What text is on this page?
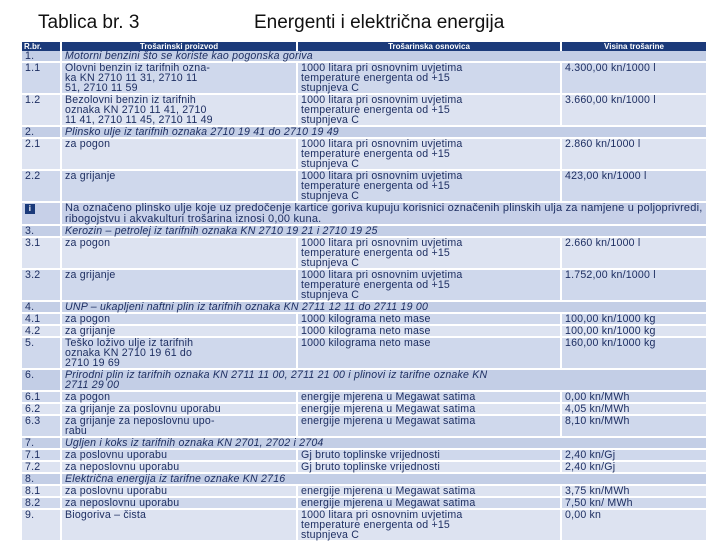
Tablica br. 3	Energenti i električna energija
R.br.	Trošarinski proizvod	Trošarinska osnovica	Visina trošarine
1.	Motorni benzini što se koriste kao pogonska goriva		
1.1	Olovni benzin iz tarifnih ozna-
ka KN 2710 11 31, 2710 11
51, 2710 11 59	1000 litara pri osnovnim uvjetima
temperature energenta od +15
stupnjeva C	4.300,00 kn/1000 l
1.2	Bezolovni benzin iz tarifnih
oznaka KN 2710 11 41, 2710
11 41, 2710 11 45, 2710 11 49	1000 litara pri osnovnim uvjetima
temperature energenta od +15
stupnjeva C	3.660,00 kn/1000 l
2.	Plinsko ulje iz tarifnih oznaka 2710 19 41 do 2710 19 49		
2.1	za pogon	1000 litara pri osnovnim uvjetima
temperature energenta od +15
stupnjeva C	2.860 kn/1000 l
2.2	za grijanje	1000 litara pri osnovnim uvjetima
temperature energenta od +15
stupnjeva C	423,00 kn/1000 l
i	Na označeno plinsko ulje koje uz predočenje kartice goriva kupuju korisnici označenih plinskih ulja za namjene u poljoprivredi, ribogojstvu i akvakulturi trošarina iznosi 0,00 kuna.		
3.	Kerozin – petrolej iz tarifnih oznaka KN 2710 19 21 i 2710 19 25		
3.1	za pogon	1000 litara pri osnovnim uvjetima
temperature energenta od +15
stupnjeva C	2.660 kn/1000 l
3.2	za grijanje	1000 litara pri osnovnim uvjetima
temperature energenta od +15
stupnjeva C	1.752,00 kn/1000 l
4.	UNP – ukapljeni naftni plin iz tarifnih oznaka KN 2711 12 11 do 2711 19 00		
4.1	za pogon	1000 kilograma neto mase	100,00 kn/1000 kg
4.2	za grijanje	1000 kilograma neto mase	100,00 kn/1000 kg
5.	Teško loživo ulje iz tarifnih
oznaka KN 2710 19 61 do
2710 19 69	1000 kilograma neto mase	160,00 kn/1000 kg
6.	Prirodni plin iz tarifnih oznaka KN 2711 11 00, 2711 21 00 i plinovi iz tarifne oznake KN
2711 29 00		
6.1	za pogon	energije mjerena u Megawat satima	0,00 kn/MWh
6.2	za grijanje za poslovnu uporabu	energije mjerena u Megawat satima	4,05 kn/MWh
6.3	za grijanje za neposlovnu upo-
rabu	energije mjerena u Megawat satima	8,10 kn/MWh
7.	Ugljen i koks iz tarifnih oznaka KN 2701, 2702 i 2704		
7.1	za poslovnu uporabu	Gj bruto toplinske vrijednosti	2,40 kn/Gj
7.2	za neposlovnu uporabu	Gj bruto toplinske vrijednosti	2,40 kn/Gj
8.	Električna energija iz tarifne oznake KN 2716		
8.1	za poslovnu uporabu	energije mjerena u Megawat satima	3,75 kn/MWh
8.2	za neposlovnu uporabu	energije mjerena u Megawat satima	7,50 kn/ MWh
9.	Biogoriva – čista	1000 litara pri osnovnim uvjetima
temperature energenta od +15
stupnjeva C	0,00 kn
